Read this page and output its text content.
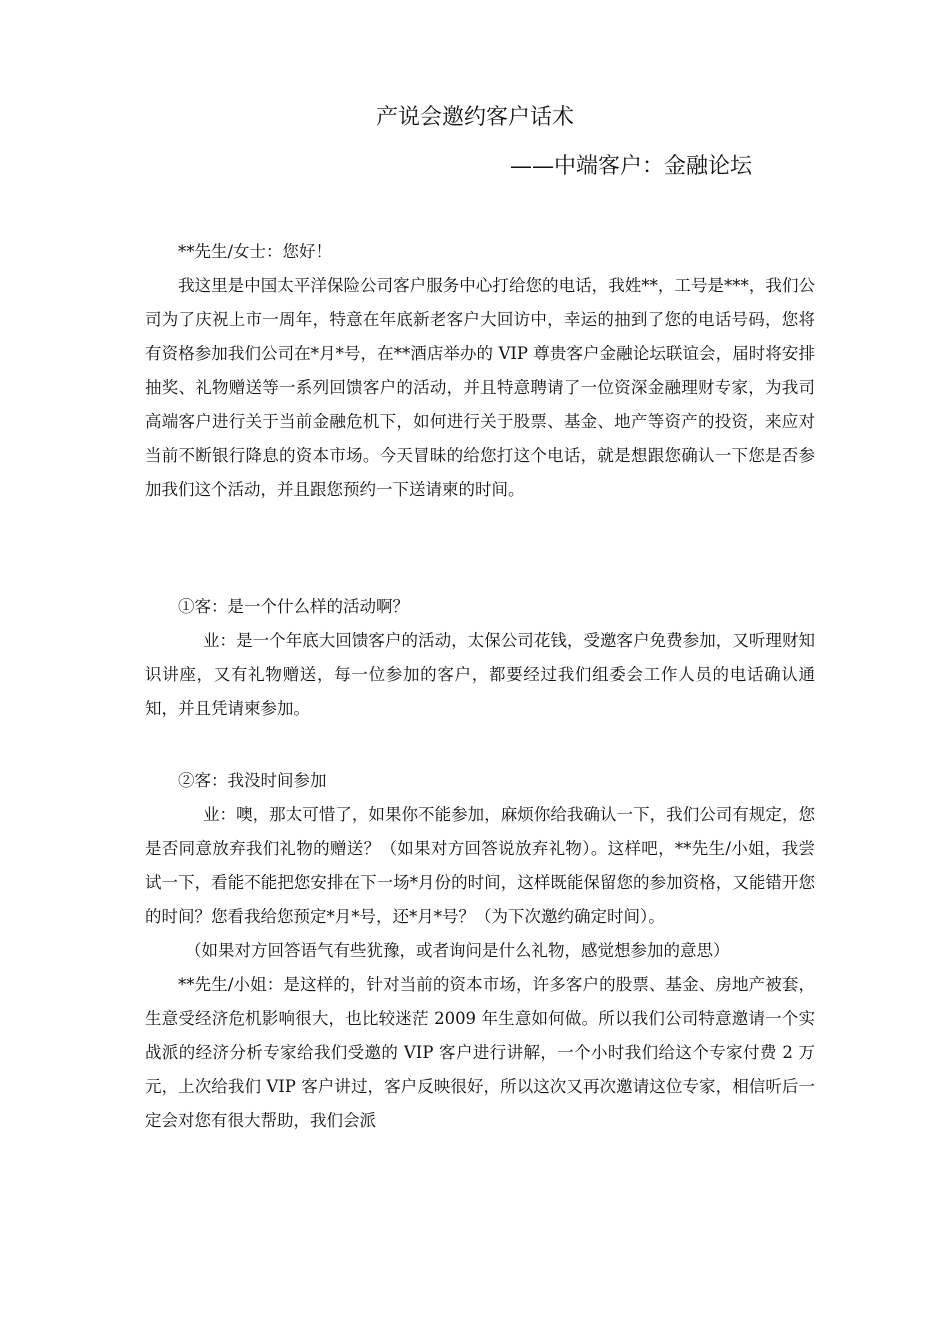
产说会邀约客户话术
——中端客户：金融论坛

**先生/女士：您好！

我这里是中国太平洋保险公司客户服务中心打给您的电话，我姓**，工号是***，我们公司为了庆祝上市一周年，特意在年底新老客户大回访中，幸运的抽到了您的电话号码，您将有资格参加我们公司在*月*号，在**酒店举办的 VIP 尊贵客户金融论坛联谊会，届时将安排抽奖、礼物赠送等一系列回馈客户的活动，并且特意聘请了一位资深金融理财专家，为我司高端客户进行关于当前金融危机下，如何进行关于股票、基金、地产等资产的投资，来应对当前不断银行降息的资本市场。今天冒昧的给您打这个电话，就是想跟您确认一下您是否参加我们这个活动，并且跟您预约一下送请柬的时间。

①客：是一个什么样的活动啊？

业：是一个年底大回馈客户的活动，太保公司花钱，受邀客户免费参加，又听理财知识讲座，又有礼物赠送，每一位参加的客户，都要经过我们组委会工作人员的电话确认通知，并且凭请柬参加。

②客：我没时间参加

业：噢，那太可惜了，如果你不能参加，麻烦你给我确认一下，我们公司有规定，您是否同意放弃我们礼物的赠送？（如果对方回答说放弃礼物）。这样吧，**先生/小姐，我尝试一下，看能不能把您安排在下一场*月份的时间，这样既能保留您的参加资格，又能错开您的时间？您看我给您预定*月*号，还*月*号？（为下次邀约确定时间）。

（如果对方回答语气有些犹豫，或者询问是什么礼物，感觉想参加的意思）

**先生/小姐：是这样的，针对当前的资本市场，许多客户的股票、基金、房地产被套，生意受经济危机影响很大，也比较迷茫 2009 年生意如何做。所以我们公司特意邀请一个实战派的经济分析专家给我们受邀的 VIP 客户进行讲解，一个小时我们给这个专家付费 2 万元，上次给我们 VIP 客户讲过，客户反映很好，所以这次又再次邀请这位专家，相信听后一定会对您有很大帮助，我们会派
